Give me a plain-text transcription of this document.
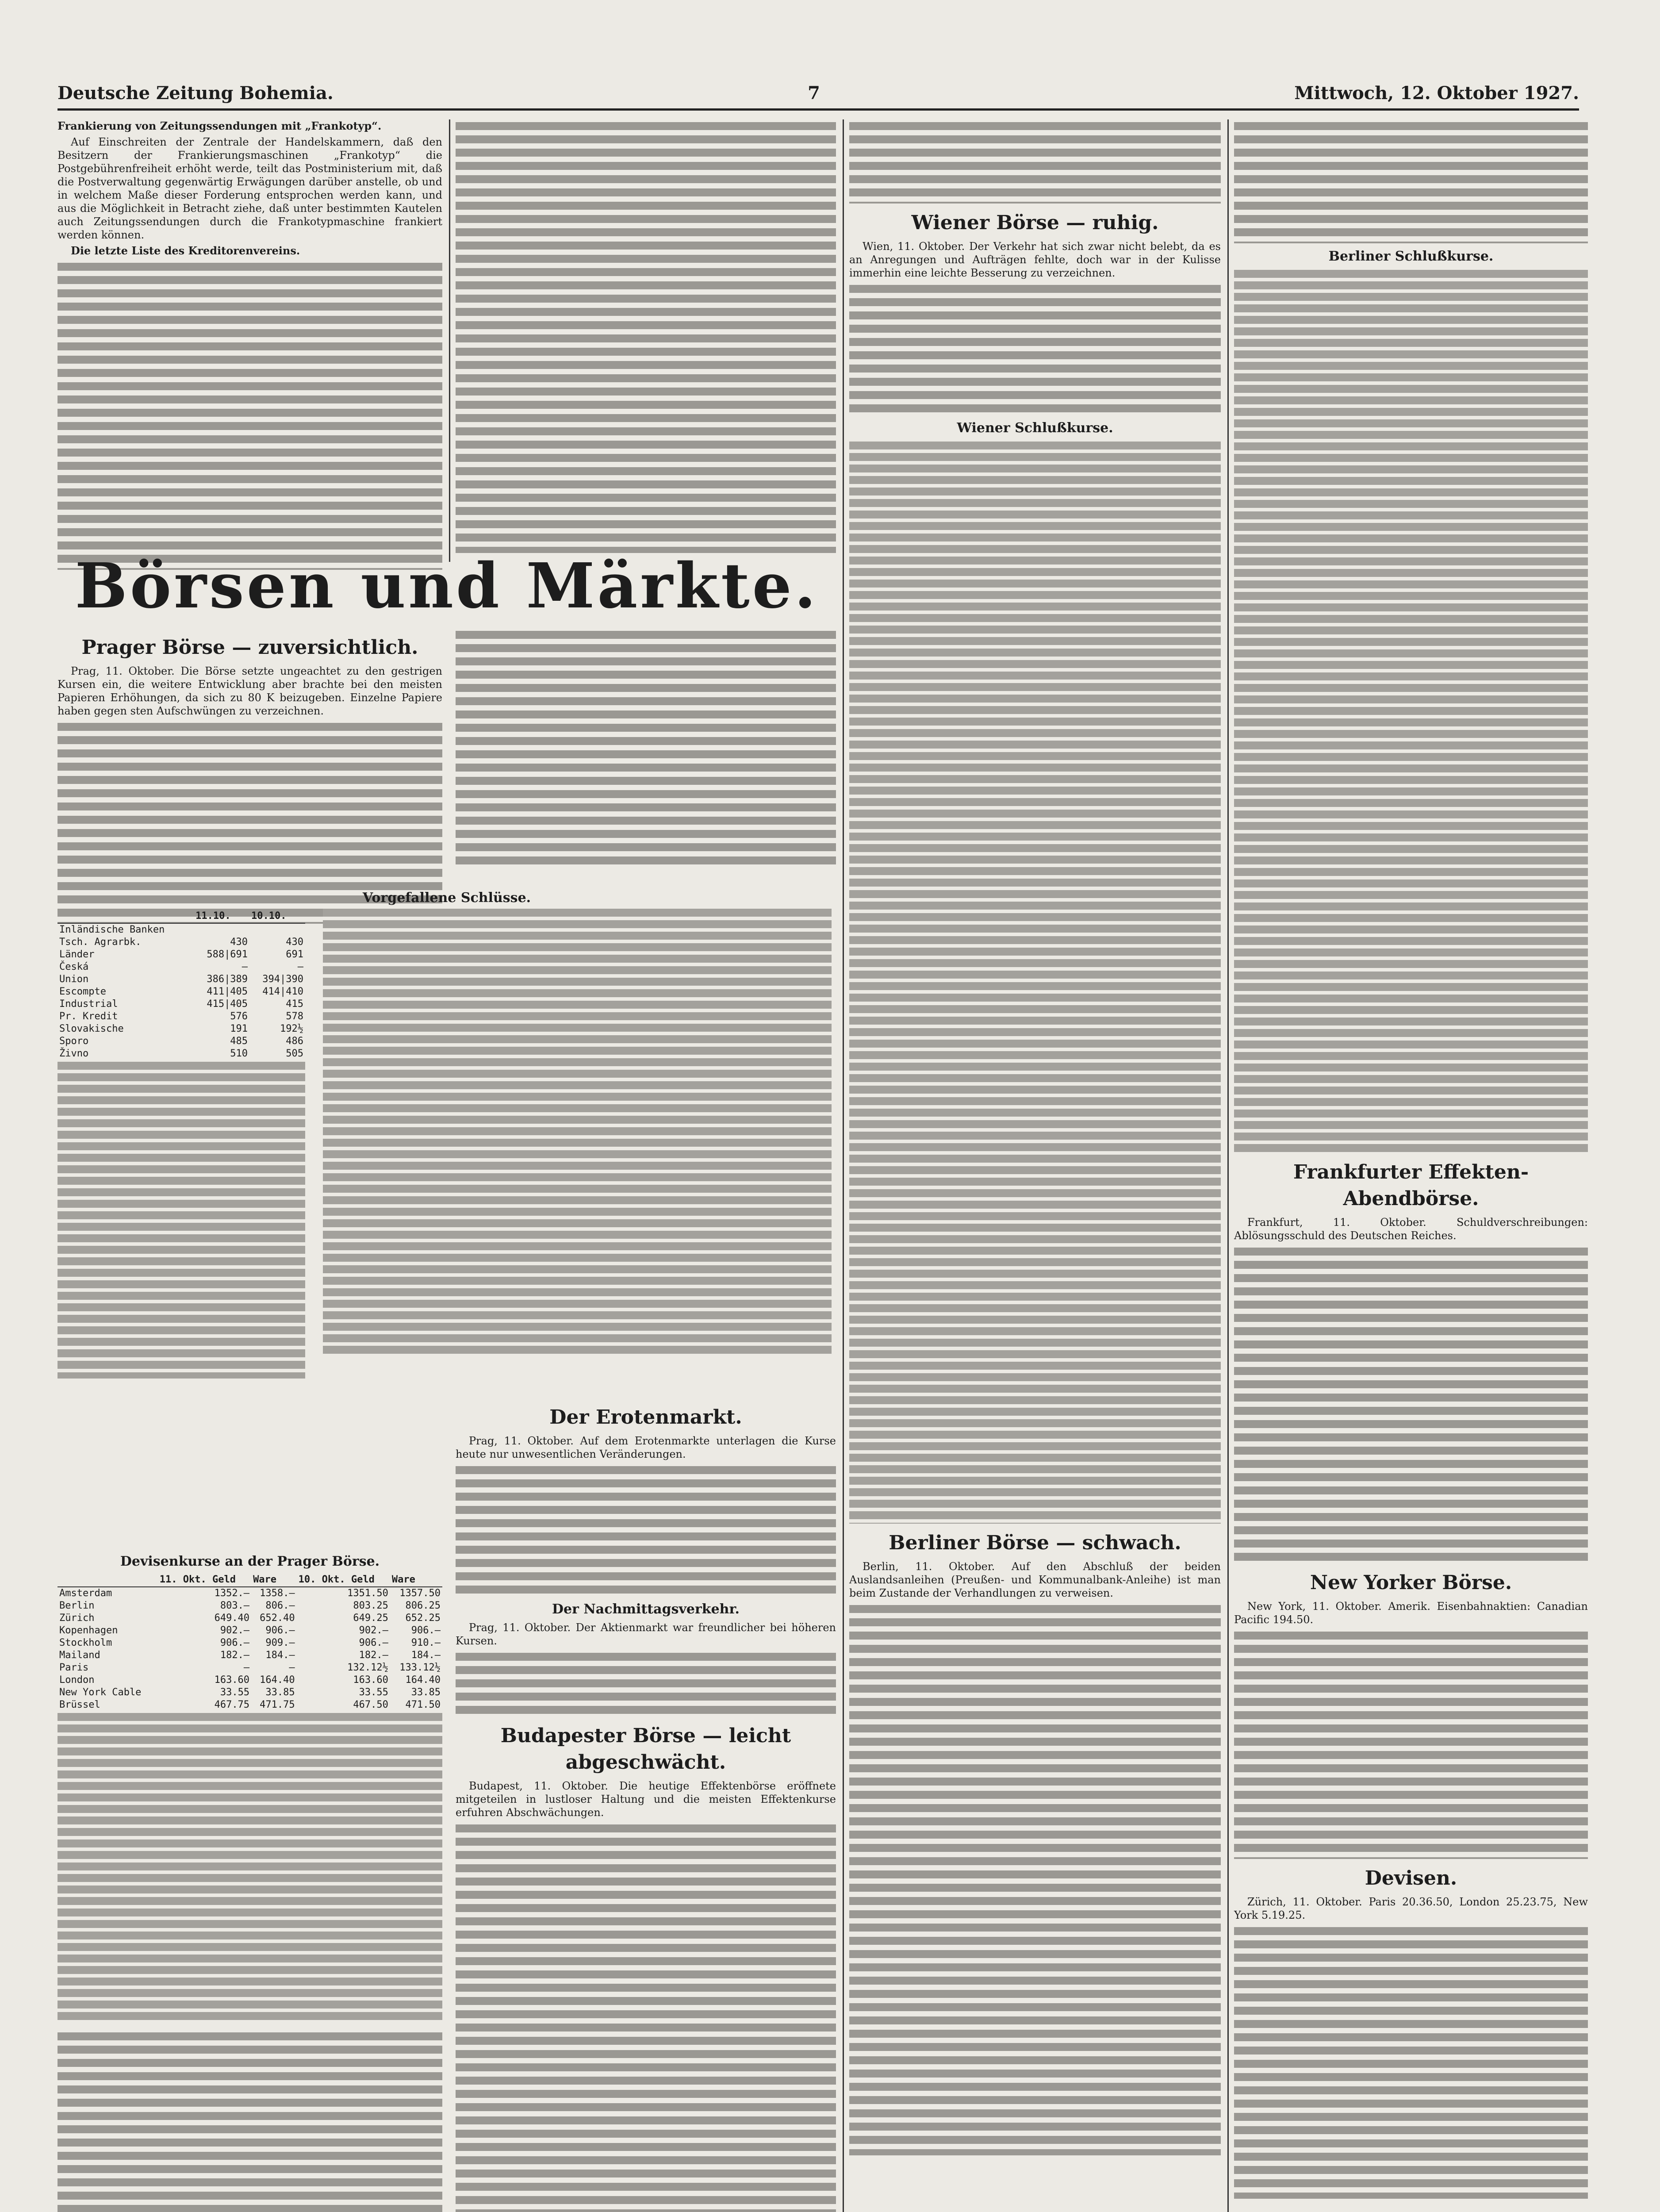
Deutsche Zeitung Bohemia.	7	Mittwoch, 12. Oktober 1927.

Frankierung von Zeitungssendungen mit „Frankotyp“.

Auf Einschreiten der Zentrale der Handelskammern, daß den Besitzern der Frankierungsmaschinen „Frankotyp“ die Postgebührenfreiheit erhöht werde, teilt das Postministerium mit, daß die Postverwaltung gegenwärtig Erwägungen darüber anstelle, ob und in welchem Maße dieser Forderung entsprochen werden kann, und aus die Möglichkeit in Betracht ziehe, daß unter bestimmten Kautelen auch Zeitungssendungen durch die Frankotypmaschine frankiert werden können.

Die letzte Liste des Kreditorenvereins.

Börsen und Märkte.
Prager Börse — zuversichtlich.

Prag, 11. Oktober. Die Börse setzte ungeachtet zu den gestrigen Kursen ein, die weitere Entwicklung aber brachte bei den meisten Papieren Erhöhungen, da sich zu 80 K beizugeben. Einzelne Papiere haben gegen sten Aufschwüngen zu verzeichnen.

Vorgefallene Schlüsse.
	11.10.	10.10.
Inländische Banken		
Tsch. Agrarbk.	430	430
Länder	588|691	691
Česká	—	—
Union	386|389	394|390
Escompte	411|405	414|410
Industrial	415|405	415
Pr. Kredit	576	578
Slovakische	191	192½
Sporo	485	486
Živno	510	505
Devisenkurse an der Prager Börse.
	11. Okt. Geld	Ware	10. Okt. Geld	Ware
Amsterdam	1352.—	1358.—	1351.50	1357.50
Berlin	803.—	806.—	803.25	806.25
Zürich	649.40	652.40	649.25	652.25
Kopenhagen	902.—	906.—	902.—	906.—
Stockholm	906.—	909.—	906.—	910.—
Mailand	182.—	184.—	182.—	184.—
Paris	—	—	132.12½	133.12½
London	163.60	164.40	163.60	164.40
New York Cable	33.55	33.85	33.55	33.85
Brüssel	467.75	471.75	467.50	471.50
Der Erotenmarkt.

Prag, 11. Oktober. Auf dem Erotenmarkte unterlagen die Kurse heute nur unwesentlichen Veränderungen.

Der Nachmittagsverkehr.

Prag, 11. Oktober. Der Aktienmarkt war freundlicher bei höheren Kursen.

Budapester Börse — leicht abgeschwächt.

Budapest, 11. Oktober. Die heutige Effektenbörse eröffnete mitgeteilen in lustloser Haltung und die meisten Effektenkurse erfuhren Abschwächungen.

Wiener Börse — ruhig.

Wien, 11. Oktober. Der Verkehr hat sich zwar nicht belebt, da es an Anregungen und Aufträgen fehlte, doch war in der Kulisse immerhin eine leichte Besserung zu verzeichnen.

Wiener Schlußkurse.
Berliner Börse — schwach.

Berlin, 11. Oktober. Auf den Abschluß der beiden Auslandsanleihen (Preußen- und Kommunalbank-Anleihe) ist man beim Zustande der Verhandlungen zu verweisen.

Berliner Schlußkurse.
Frankfurter Effekten-Abendbörse.

Frankfurt, 11. Oktober. Schuldverschreibungen: Ablösungsschuld des Deutschen Reiches.

New Yorker Börse.

New York, 11. Oktober. Amerik. Eisenbahnaktien: Canadian Pacific 194.50.

Devisen.

Zürich, 11. Oktober. Paris 20.36.50, London 25.23.75, New York 5.19.25.
